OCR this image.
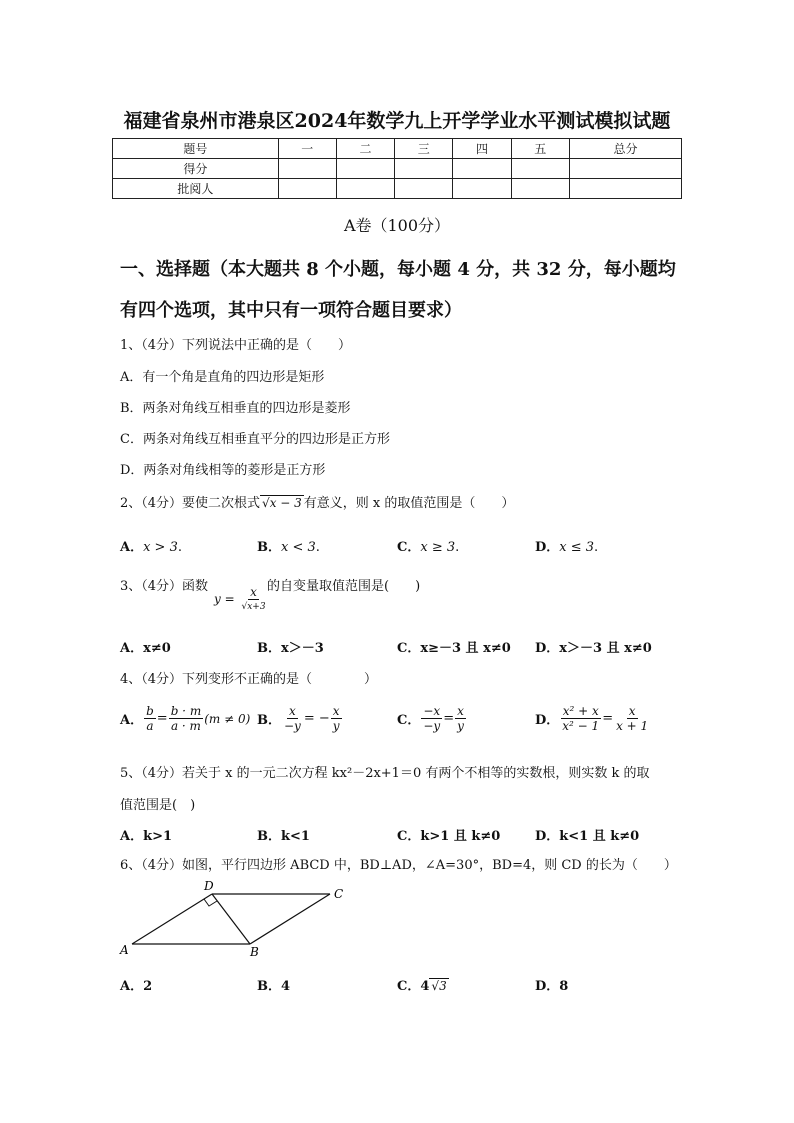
福建省泉州市港泉区2024年数学九上开学学业水平测试模拟试题
题号	一	二	三	四	五	总分
得分						
批阅人						
A卷（100分）
一、选择题（本大题共 8 个小题，每小题 4 分，共 32 分，每小题均
有四个选项，其中只有一项符合题目要求）
1、（4分）下列说法中正确的是（　　）
A．有一个角是直角的四边形是矩形
B．两条对角线互相垂直的四边形是菱形
C．两条对角线互相垂直平分的四边形是正方形
D．两条对角线相等的菱形是正方形
2、（4分）要使二次根式 √x − 3 有意义，则 x 的取值范围是（　　）
A．x > 3.	B．x < 3.	C．x ≥ 3.	D．x ≤ 3.
3、（4分）函数
$y = \frac{x}{√x+3}$ 的自变量取值范围是(　　)
A．x≠0	B．x＞－3	C．x≥－3 且 x≠0 D．x＞－3 且 x≠0
4、（4分）下列变形不正确的是（　　　　）
A． $\frac{b}{a} = \frac{b \cdot m}{a \cdot m} (m \ne 0)$ B． $\frac{x}{-y}$ = − $\frac{x}{y}$	C． $\frac{-x}{-y} = \frac{x}{y}$	D． $\frac{\text{x² + x}}{\text{x² − 1}} = \frac{x}{x + 1}$
5、（4分）若关于 x 的一元二次方程 kx²－2x+1＝0 有两个不相等的实数根，则实数 k 的取
值范围是(　)
A．k>1	B．k<1	C．k>1 且 k≠0	D．k<1 且 k≠0
6、（4分）如图，平行四边形 ABCD 中，BD⊥AD，∠A=30°，BD=4，则 CD 的长为（　　）
A	B
C
D
A．2	B．4	C．4 √3	D．8
